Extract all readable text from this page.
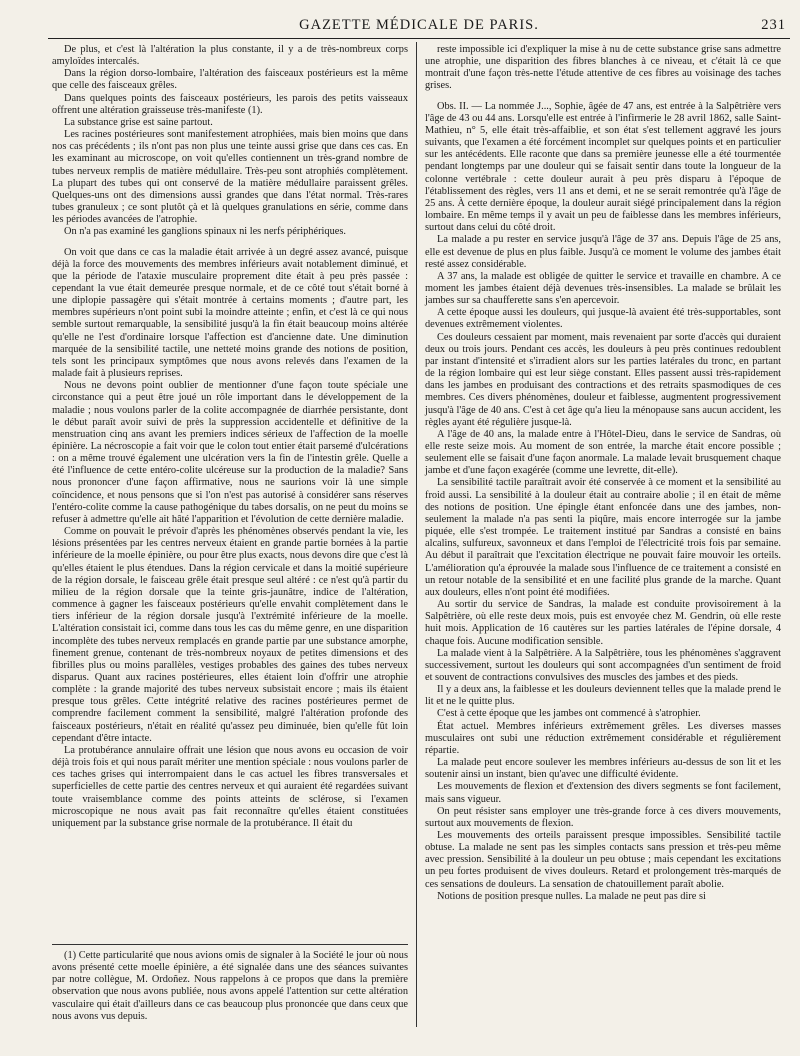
GAZETTE MÉDICALE DE PARIS.	231

De plus, et c'est là l'altération la plus constante, il y a de très-nombreux corps amyloïdes intercalés.

Dans la région dorso-lombaire, l'altération des faisceaux postérieurs est la même que celle des faisceaux grêles.

Dans quelques points des faisceaux postérieurs, les parois des petits vaisseaux offrent une altération graisseuse très-manifeste (1).

La substance grise est saine partout.

Les racines postérieures sont manifestement atrophiées, mais bien moins que dans nos cas précédents ; ils n'ont pas non plus une teinte aussi grise que dans ces cas. En les examinant au microscope, on voit qu'elles contiennent un très-grand nombre de tubes nerveux remplis de matière médullaire. Très-peu sont atrophiés complètement. La plupart des tubes qui ont conservé de la matière médullaire paraissent grêles. Quelques-uns ont des dimensions aussi grandes que dans l'état normal. Très-rares tubes granuleux ; ce sont plutôt çà et là quelques granulations en série, comme dans les périodes avancées de l'atrophie.

On n'a pas examiné les ganglions spinaux ni les nerfs périphériques.

On voit que dans ce cas la maladie était arrivée à un degré assez avancé, puisque déjà la force des mouvements des membres inférieurs avait notablement diminué, et que la période de l'ataxie musculaire proprement dite était à peu près passée : cependant la vue était demeurée presque normale, et de ce côté tout s'était borné à une diplopie passagère qui s'était montrée à certains moments ; d'autre part, les membres supérieurs n'ont point subi la moindre atteinte ; enfin, et c'est là ce qui nous semble surtout remarquable, la sensibilité jusqu'à la fin était beaucoup moins altérée qu'elle ne l'est d'ordinaire lorsque l'affection est d'ancienne date. Une diminution marquée de la sensibilité tactile, une netteté moins grande des notions de position, tels sont les principaux symptômes que nous avons relevés dans l'examen de la malade fait à plusieurs reprises.

Nous ne devons point oublier de mentionner d'une façon toute spéciale une circonstance qui a peut être joué un rôle important dans le développement de la maladie ; nous voulons parler de la colite accompagnée de diarrhée persistante, dont le début paraît avoir suivi de près la suppression accidentelle et définitive de la menstruation cinq ans avant les premiers indices sérieux de l'affection de la moelle épinière. La nécroscopie a fait voir que le colon tout entier était parsemé d'ulcérations : on a même trouvé également une ulcération vers la fin de l'intestin grêle. Quelle a été l'influence de cette entéro-colite ulcéreuse sur la production de la maladie? Sans nous prononcer d'une façon affirmative, nous ne saurions voir là une simple coïncidence, et nous pensons que si l'on n'est pas autorisé à considérer sans réserves l'entéro-colite comme la cause pathogénique du tabes dorsalis, on ne peut du moins se refuser à admettre qu'elle ait hâté l'apparition et l'évolution de cette dernière maladie.

Comme on pouvait le prévoir d'après les phénomènes observés pendant la vie, les lésions présentées par les centres nerveux étaient en grande partie bornées à la partie inférieure de la moelle épinière, ou pour être plus exacts, nous devons dire que c'est là qu'elles étaient le plus étendues. Dans la région cervicale et dans la moitié supérieure de la région dorsale, le faisceau grêle était presque seul altéré : ce n'est qu'à partir du milieu de la région dorsale que la teinte gris-jaunâtre, indice de l'altération, commence à gagner les faisceaux postérieurs qu'elle envahit complètement dans le tiers inférieur de la région dorsale jusqu'à l'extrémité inférieure de la moelle. L'altération consistait ici, comme dans tous les cas du même genre, en une disparition incomplète des tubes nerveux remplacés en grande partie par une substance amorphe, finement grenue, contenant de très-nombreux noyaux de petites dimensions et des fibrilles plus ou moins parallèles, vestiges probables des gaines des tubes nerveux disparus. Quant aux racines postérieures, elles étaient loin d'offrir une atrophie complète : la grande majorité des tubes nerveux subsistait encore ; mais ils étaient presque tous grêles. Cette intégrité relative des racines postérieures permet de comprendre facilement comment la sensibilité, malgré l'altération profonde des faisceaux postérieurs, n'était en réalité qu'assez peu diminuée, bien qu'elle fût loin cependant d'être intacte.

La protubérance annulaire offrait une lésion que nous avons eu occasion de voir déjà trois fois et qui nous paraît mériter une mention spéciale : nous voulons parler de ces taches grises qui interrompaient dans le cas actuel les fibres transversales et superficielles de cette partie des centres nerveux et qui auraient été regardées suivant toute vraisemblance comme des points atteints de sclérose, si l'examen microscopique ne nous avait pas fait reconnaître qu'elles étaient constituées uniquement par la substance grise normale de la protubérance. Il était du

(1) Cette particularité que nous avions omis de signaler à la Société le jour où nous avons présenté cette moelle épinière, a été signalée dans une des séances suivantes par notre collègue, M. Ordoñez. Nous rappelons à ce propos que dans la première observation que nous avons publiée, nous avons appelé l'attention sur cette altération vasculaire qui était d'ailleurs dans ce cas beaucoup plus prononcée que dans ceux que nous avons vus depuis.

reste impossible ici d'expliquer la mise à nu de cette substance grise sans admettre une atrophie, une disparition des fibres blanches à ce niveau, et c'était là ce que montrait d'une façon très-nette l'étude attentive de ces fibres au voisinage des taches grises.

Obs. II. — La nommée J..., Sophie, âgée de 47 ans, est entrée à la Salpêtrière vers l'âge de 43 ou 44 ans. Lorsqu'elle est entrée à l'infirmerie le 28 avril 1862, salle Saint-Mathieu, n° 5, elle était très-affaiblie, et son état s'est tellement aggravé les jours suivants, que l'examen a été forcément incomplet sur quelques points et en particulier sur les antécédents. Elle raconte que dans sa première jeunesse elle a été tourmentée pendant longtemps par une douleur qui se faisait sentir dans toute la longueur de la colonne vertébrale : cette douleur aurait à peu près disparu à l'époque de l'établissement des règles, vers 11 ans et demi, et ne se serait remontrée qu'à l'âge de 25 ans. À cette dernière époque, la douleur aurait siégé principalement dans la région lombaire. En même temps il y avait un peu de faiblesse dans les membres inférieurs, surtout dans celui du côté droit.

La malade a pu rester en service jusqu'à l'âge de 37 ans. Depuis l'âge de 25 ans, elle est devenue de plus en plus faible. Jusqu'à ce moment le volume des jambes était resté assez considérable.

A 37 ans, la malade est obligée de quitter le service et travaille en chambre. A ce moment les jambes étaient déjà devenues très-insensibles. La malade se brûlait les jambes sur sa chaufferette sans s'en apercevoir.

A cette époque aussi les douleurs, qui jusque-là avaient été très-supportables, sont devenues extrêmement violentes.

Ces douleurs cessaient par moment, mais revenaient par sorte d'accès qui duraient deux ou trois jours. Pendant ces accès, les douleurs à peu près continues redoublent par instant d'intensité et s'irradient alors sur les parties latérales du tronc, en partant de la région lombaire qui est leur siège constant. Elles passent aussi très-rapidement dans les jambes en produisant des contractions et des retraits spasmodiques de ces membres. Ces divers phénomènes, douleur et faiblesse, augmentent progressivement jusqu'à l'âge de 40 ans. C'est à cet âge qu'a lieu la ménopause sans aucun accident, les règles ayant été régulière jusque-là.

A l'âge de 40 ans, la malade entre à l'Hôtel-Dieu, dans le service de Sandras, où elle reste seize mois. Au moment de son entrée, la marche était encore possible ; seulement elle se faisait d'une façon anormale. La malade levait brusquement chaque jambe et d'une façon exagérée (comme une levrette, dit-elle).

La sensibilité tactile paraîtrait avoir été conservée à ce moment et la sensibilité au froid aussi. La sensibilité à la douleur était au contraire abolie ; il en était de même des notions de position. Une épingle étant enfoncée dans une des jambes, non-seulement la malade n'a pas senti la piqûre, mais encore interrogée sur la jambe piquée, elle s'est trompée. Le traitement institué par Sandras a consisté en bains alcalins, sulfureux, savonneux et dans l'emploi de l'électricité trois fois par semaine. Au début il paraîtrait que l'excitation électrique ne pouvait faire mouvoir les orteils. L'amélioration qu'a éprouvée la malade sous l'influence de ce traitement a consisté en un retour notable de la sensibilité et en une facilité plus grande de la marche. Quant aux douleurs, elles n'ont point été modifiées.

Au sortir du service de Sandras, la malade est conduite provisoirement à la Salpêtrière, où elle reste deux mois, puis est envoyée chez M. Gendrin, où elle reste huit mois. Application de 16 cautères sur les parties latérales de l'épine dorsale, 4 chaque fois. Aucune modification sensible.

La malade vient à la Salpêtrière. A la Salpêtrière, tous les phénomènes s'aggravent successivement, surtout les douleurs qui sont accompagnées d'un sentiment de froid et souvent de contractions convulsives des muscles des jambes et des pieds.

Il y a deux ans, la faiblesse et les douleurs deviennent telles que la malade prend le lit et ne le quitte plus.

C'est à cette époque que les jambes ont commencé à s'atrophier.

État actuel. Membres inférieurs extrêmement grêles. Les diverses masses musculaires ont subi une réduction extrêmement considérable et régulièrement répartie.

La malade peut encore soulever les membres inférieurs au-dessus de son lit et les soutenir ainsi un instant, bien qu'avec une difficulté évidente.

Les mouvements de flexion et d'extension des divers segments se font facilement, mais sans vigueur.

On peut résister sans employer une très-grande force à ces divers mouvements, surtout aux mouvements de flexion.

Les mouvements des orteils paraissent presque impossibles. Sensibilité tactile obtuse. La malade ne sent pas les simples contacts sans pression et très-peu même avec pression. Sensibilité à la douleur un peu obtuse ; mais cependant les excitations un peu fortes produisent de vives douleurs. Retard et prolongement très-marqués de ces sensations de douleurs. La sensation de chatouillement paraît abolie.

Notions de position presque nulles. La malade ne peut pas dire si
